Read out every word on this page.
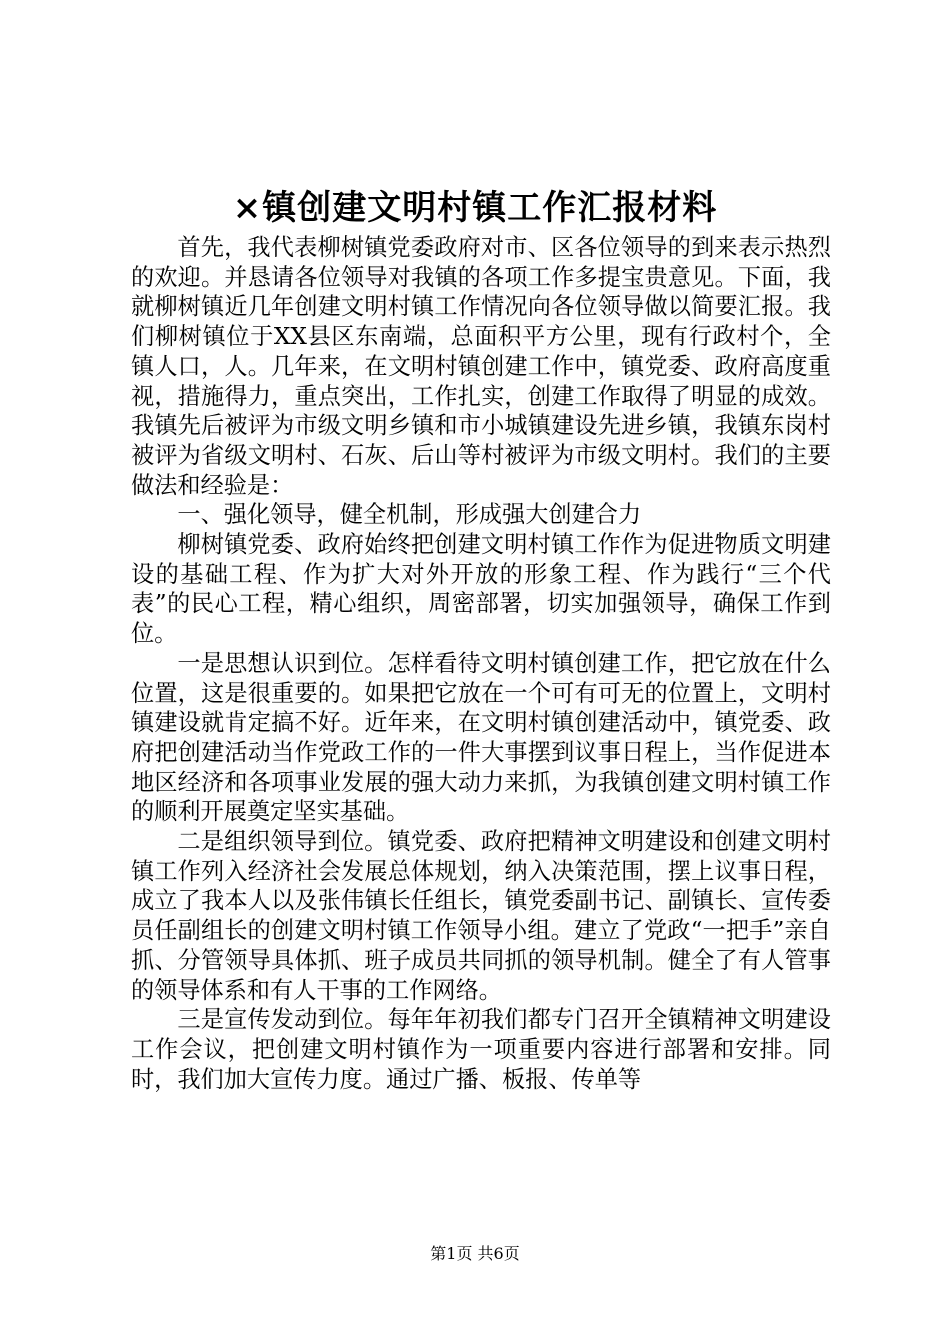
×镇创建文明村镇工作汇报材料

首先，我代表柳树镇党委政府对市、区各位领导的到来表示热烈的欢迎。并恳请各位领导对我镇的各项工作多提宝贵意见。下面，我就柳树镇近几年创建文明村镇工作情况向各位领导做以简要汇报。我们柳树镇位于XX县区东南端，总面积平方公里，现有行政村个，全镇人口，人。几年来，在文明村镇创建工作中，镇党委、政府高度重视，措施得力，重点突出，工作扎实，创建工作取得了明显的成效。我镇先后被评为市级文明乡镇和市小城镇建设先进乡镇，我镇东岗村被评为省级文明村、石灰、后山等村被评为市级文明村。我们的主要做法和经验是：

一、强化领导，健全机制，形成强大创建合力

柳树镇党委、政府始终把创建文明村镇工作作为促进物质文明建设的基础工程、作为扩大对外开放的形象工程、作为践行“三个代表”的民心工程，精心组织，周密部署，切实加强领导，确保工作到位。

一是思想认识到位。怎样看待文明村镇创建工作，把它放在什么位置，这是很重要的。如果把它放在一个可有可无的位置上，文明村镇建设就肯定搞不好。近年来，在文明村镇创建活动中，镇党委、政府把创建活动当作党政工作的一件大事摆到议事日程上，当作促进本地区经济和各项事业发展的强大动力来抓，为我镇创建文明村镇工作的顺利开展奠定坚实基础。

二是组织领导到位。镇党委、政府把精神文明建设和创建文明村镇工作列入经济社会发展总体规划，纳入决策范围，摆上议事日程，成立了我本人以及张伟镇长任组长，镇党委副书记、副镇长、宣传委员任副组长的创建文明村镇工作领导小组。建立了党政“一把手”亲自抓、分管领导具体抓、班子成员共同抓的领导机制。健全了有人管事的领导体系和有人干事的工作网络。

三是宣传发动到位。每年年初我们都专门召开全镇精神文明建设工作会议，把创建文明村镇作为一项重要内容进行部署和安排。同时，我们加大宣传力度。通过广播、板报、传单等

第1页 共6页
